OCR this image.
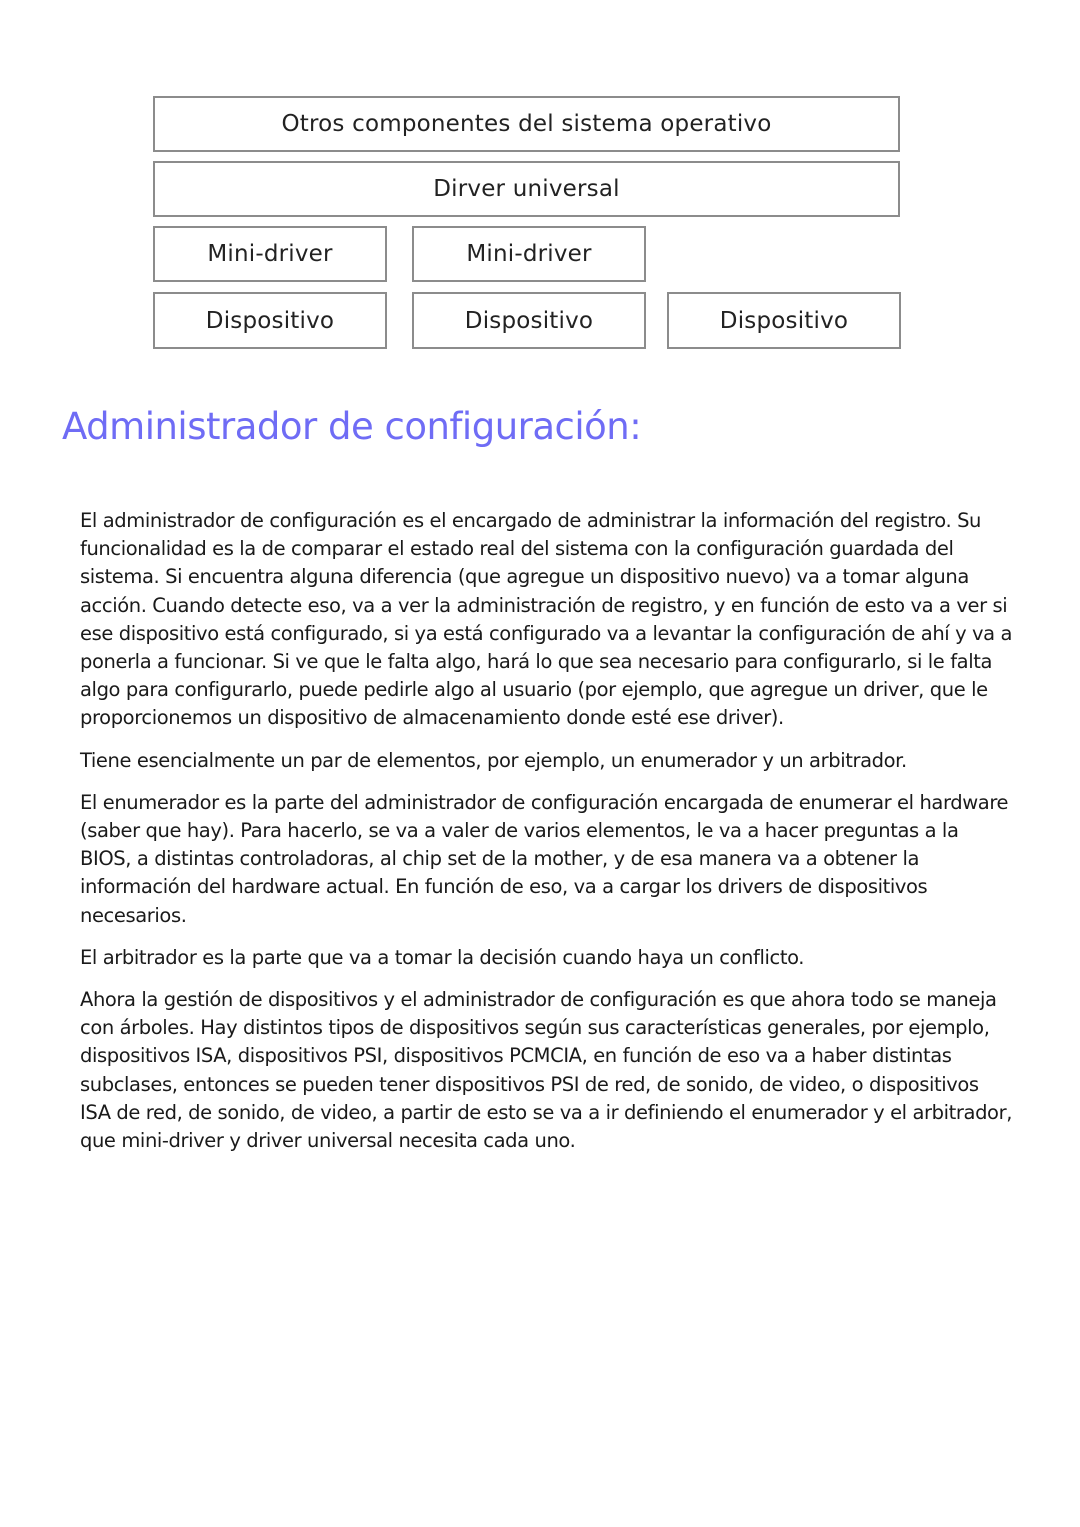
Otros componentes del sistema operativo
Dirver universal
Mini-driver	Mini-driver
Dispositivo	Dispositivo	Dispositivo
Administrador de configuración:

El administrador de configuración es el encargado de administrar la información del registro. Su funcionalidad es la de comparar el estado real del sistema con la configuración guardada del sistema. Si encuentra alguna diferencia (que agregue un dispositivo nuevo) va a tomar alguna acción. Cuando detecte eso, va a ver la administración de registro, y en función de esto va a ver si ese dispositivo está configurado, si ya está configurado va a levantar la configuración de ahí y va a ponerla a funcionar. Si ve que le falta algo, hará lo que sea necesario para configurarlo, si le falta algo para configurarlo, puede pedirle algo al usuario (por ejemplo, que agregue un driver, que le proporcionemos un dispositivo de almacenamiento donde esté ese driver).

Tiene esencialmente un par de elementos, por ejemplo, un enumerador y un arbitrador.

El enumerador es la parte del administrador de configuración encargada de enumerar el hardware (saber que hay). Para hacerlo, se va a valer de varios elementos, le va a hacer preguntas a la BIOS, a distintas controladoras, al chip set de la mother, y de esa manera va a obtener la información del hardware actual. En función de eso, va a cargar los drivers de dispositivos necesarios.

El arbitrador es la parte que va a tomar la decisión cuando haya un conflicto.

Ahora la gestión de dispositivos y el administrador de configuración es que ahora todo se maneja con árboles. Hay distintos tipos de dispositivos según sus características generales, por ejemplo, dispositivos ISA, dispositivos PSI, dispositivos PCMCIA, en función de eso va a haber distintas subclases, entonces se pueden tener dispositivos PSI de red, de sonido, de video, o dispositivos ISA de red, de sonido, de video, a partir de esto se va a ir definiendo el enumerador y el arbitrador, que mini-driver y driver universal necesita cada uno.
